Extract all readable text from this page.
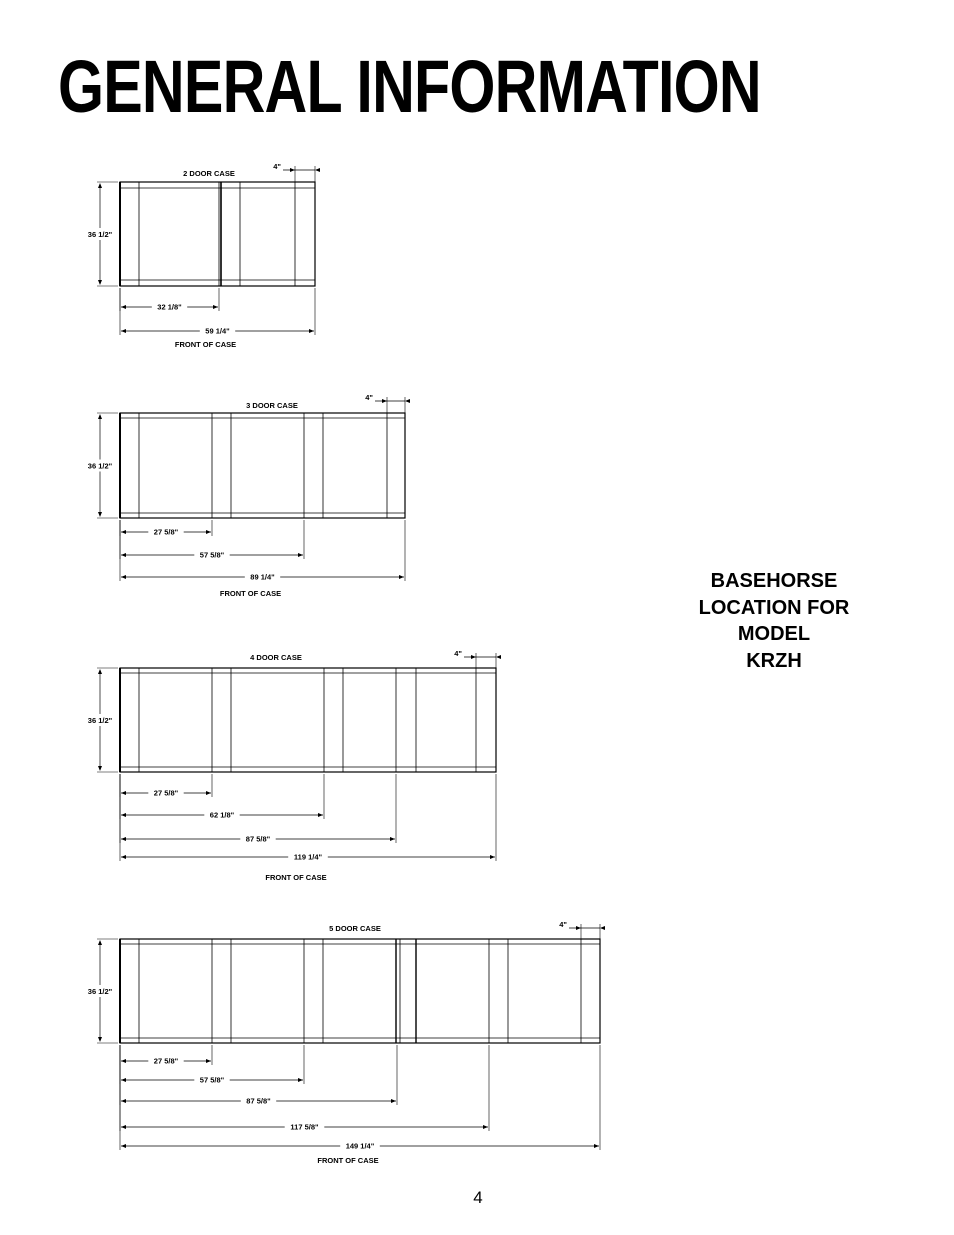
GENERAL INFORMATION
2 DOOR CASE
36 1/2"
4"
32 1/8"
59 1/4"
FRONT OF CASE
3 DOOR CASE
36 1/2"
4"
27 5/8"
57 5/8"
89 1/4"
FRONT OF CASE
4 DOOR CASE
36 1/2"
4"
27 5/8"
62 1/8"
87 5/8"
119 1/4"
FRONT OF CASE
5 DOOR CASE
36 1/2"
4"
27 5/8"
57 5/8"
87 5/8"
117 5/8"
149 1/4"
FRONT OF CASE
BASEHORSE
LOCATION FOR
MODEL
KRZH
4
